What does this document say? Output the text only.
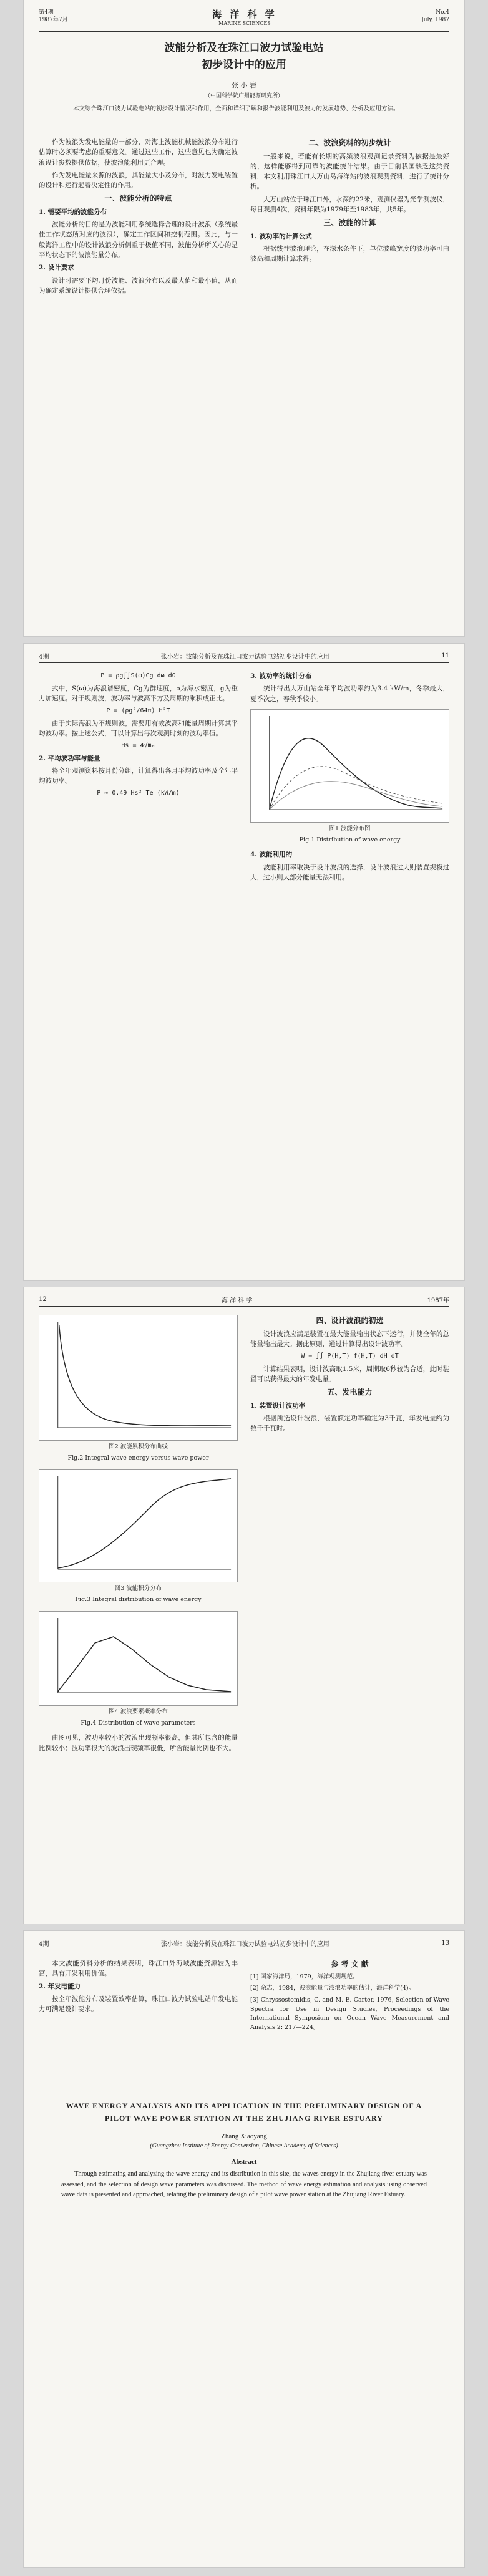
第4期
1987年7月	海 洋 科 学
MARINE SCIENCES
No.4
July, 1987
波能分析及在珠江口波力试验电站
初步设计中的应用
张 小 岩
（中国科学院广州能源研究所）
本文综合珠江口波力试验电站的初步设计情况和作用，全面和详细了解和报告波能利用及波力的发展趋势、分析及应用方法。

作为波浪为发电能量的一部分，对海上波能机械能波浪分布进行估算时必须要考虑的重要意义。通过这些工作，这些意见也为确定波浪设计参数提供依据，使波浪能利用更合理。

作为发电能量来源的波浪，其能量大小及分布，对波力发电装置的设计和运行起着决定性的作用。

一、波能分析的特点

1. 需要平均的波能分布

波能分析的目的是为波能利用系统选择合理的设计波浪（系统最佳工作状态所对应的波浪），确定工作区间和控制范围。因此，与一般海洋工程中的设计波浪分析侧重于极值不同，波能分析所关心的是平均状态下的波浪能量分布。

2. 设计要求

设计时需要平均月份波能、波浪分布以及最大值和最小值，从而为确定系统设计提供合理依据。

二、波浪资料的初步统计

一般来说，若能有长期的高频波浪观测记录资料为依据是最好的，这样能够得到可靠的波能统计结果。由于目前我国缺乏这类资料，本文利用珠江口大万山岛海洋站的波浪观测资料，进行了统计分析。

大万山站位于珠江口外，水深约22米，观测仪器为光学测波仪，每日观测4次，资料年限为1979年至1983年，共5年。

三、波能的计算

1. 波功率的计算公式

根据线性波浪理论，在深水条件下，单位波峰宽度的波功率可由波高和周期计算求得。

4期	张小岩：波能分析及在珠江口波力试验电站初步设计中的应用	11

P = ρg∫∫S(ω)Cg dω dθ

式中，S(ω)为海浪谱密度，Cg为群速度，ρ为海水密度，g为重力加速度。对于规则波，波功率与波高平方及周期的乘积成正比。

P = (ρg²/64π) H²T

由于实际海浪为不规则波，需要用有效波高和能量周期计算其平均波功率。按上述公式，可以计算出每次观测时刻的波功率值。

Hs = 4√m₀

2. 平均波功率与能量

将全年观测资料按月份分组，计算得出各月平均波功率及全年平均波功率。

P ≈ 0.49 Hs² Te (kW/m)

3. 波功率的统计分布

统计得出大万山站全年平均波功率约为3.4 kW/m，冬季最大，夏季次之，春秋季较小。

图1 波能分布图
Fig.1 Distribution of wave energy

4. 波能利用的

波能利用率取决于设计波浪的选择，设计波浪过大则装置规模过大，过小则大部分能量无法利用。

12	海 洋 科 学	1987年
图2 波能累积分布曲线
Fig.2 Integral wave energy versus wave power
图3 波能积分分布
Fig.3 Integral distribution of wave energy
图4 波浪要素概率分布
Fig.4 Distribution of wave parameters

由图可见，波功率较小的波浪出现频率很高，但其所包含的能量比例较小；波功率很大的波浪出现频率很低，所含能量比例也不大。

四、设计波浪的初选

设计波浪应满足装置在最大能量输出状态下运行，并使全年的总能量输出最大。据此原则，通过计算得出设计波功率。

W = ∫∫ P(H,T) f(H,T) dH dT

计算结果表明，设计波高取1.5米，周期取6秒较为合适，此时装置可以获得最大的年发电量。

五、发电能力

1. 装置设计波功率

根据所选设计波浪，装置额定功率确定为3千瓦，年发电量约为数千千瓦时。

4期	张小岩：波能分析及在珠江口波力试验电站初步设计中的应用	13

本文波能资料分析的结果表明，珠江口外海域波能资源较为丰富，具有开发利用价值。

2. 年发电能力

按全年波能分布及装置效率估算，珠江口波力试验电站年发电能力可满足设计要求。

参 考 文 献

[1] 国家海洋局，1979，海洋观测规范。

[2] 余志，1984，波浪能量与波浪功率的估计，海洋科学(4)。

[3] Chryssostomidis, C. and M. E. Carter, 1976, Selection of Wave Spectra for Use in Design Studies, Proceedings of the International Symposium on Ocean Wave Measurement and Analysis 2: 217—224。

WAVE ENERGY ANALYSIS AND ITS APPLICATION IN THE PRELIMINARY DESIGN OF A PILOT WAVE POWER STATION AT THE ZHUJIANG RIVER ESTUARY
Zhang Xiaoyang
(Guangzhou Institute of Energy Conversion, Chinese Academy of Sciences)
Abstract
Through estimating and analyzing the wave energy and its distribution in this site, the waves energy in the Zhujiang river estuary was assessed, and the selection of design wave parameters was discussed. The method of wave energy estimation and analysis using observed wave data is presented and approached, relating the preliminary design of a pilot wave power station at the Zhujiang River Estuary.
